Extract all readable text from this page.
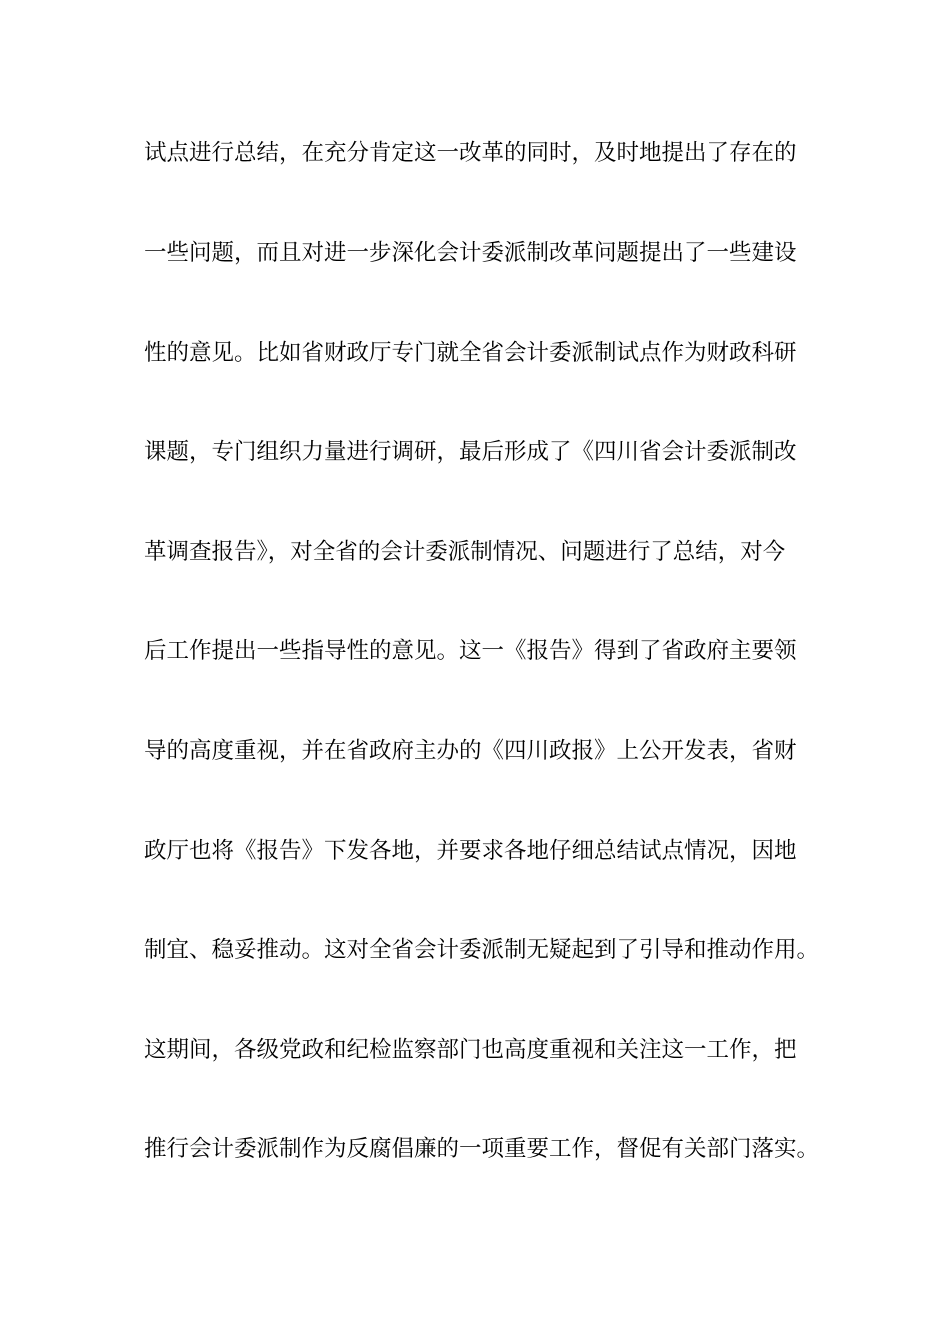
试点进行总结，在充分肯定这一改革的同时，及时地提出了存在的
一些问题，而且对进一步深化会计委派制改革问题提出了一些建设
性的意见。比如省财政厅专门就全省会计委派制试点作为财政科研
课题，专门组织力量进行调研，最后形成了《四川省会计委派制改
革调查报告》，对全省的会计委派制情况、问题进行了总结，对今
后工作提出一些指导性的意见。这一《报告》得到了省政府主要领
导的高度重视，并在省政府主办的《四川政报》上公开发表，省财
政厅也将《报告》下发各地，并要求各地仔细总结试点情况，因地
制宜、稳妥推动。这对全省会计委派制无疑起到了引导和推动作用。
这期间，各级党政和纪检监察部门也高度重视和关注这一工作，把
推行会计委派制作为反腐倡廉的一项重要工作，督促有关部门落实。
